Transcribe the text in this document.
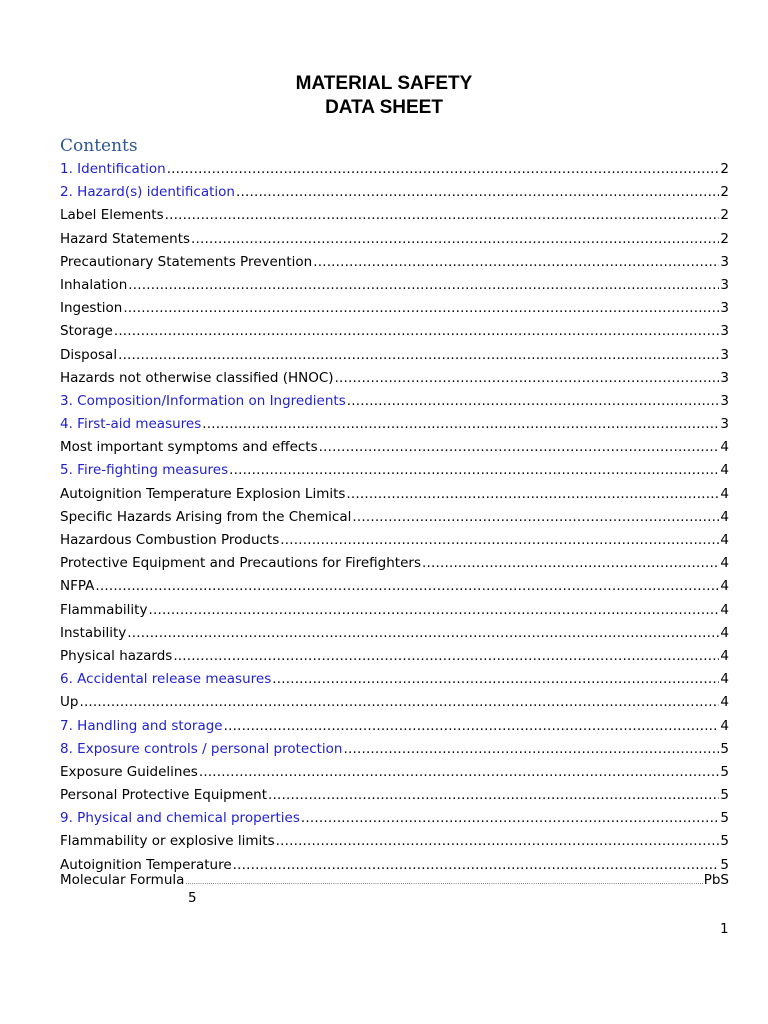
MATERIAL SAFETY
DATA SHEET
Contents
1. Identification .....	2
2. Hazard(s) identification .....	2
Label Elements .....	2
Hazard Statements .....	2
Precautionary Statements Prevention .....	3
Inhalation .....	3
Ingestion .....	3
Storage .....	3
Disposal .....	3
Hazards not otherwise classified (HNOC) .....	3
3. Composition/Information on Ingredients .....	3
4. First-aid measures .....	3
Most important symptoms and effects .....	4
5. Fire-fighting measures .....	4
Autoignition Temperature Explosion Limits .....	4
Specific Hazards Arising from the Chemical .....	4
Hazardous Combustion Products .....	4
Protective Equipment and Precautions for Firefighters .....	4
NFPA .....	4
Flammability .....	4
Instability .....	4
Physical hazards .....	4
6. Accidental release measures .....	4
Up .....	4
7. Handling and storage .....	4
8. Exposure controls / personal protection .....	5
Exposure Guidelines .....	5
Personal Protective Equipment .....	5
9. Physical and chemical properties .....	5
Flammability or explosive limits .....	5
Autoignition Temperature .....	5
Molecular Formula .....	PbS
5
1
